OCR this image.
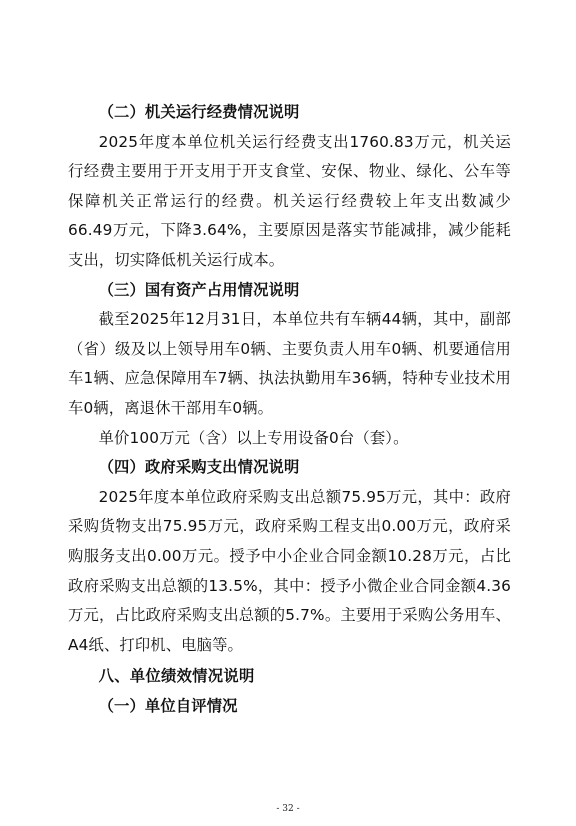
（二）机关运行经费情况说明

2025年度本单位机关运行经费支出1760.83万元，机关运行经费主要用于开支用于开支食堂、安保、物业、绿化、公车等保障机关正常运行的经费。机关运行经费较上年支出数减少66.49万元，下降3.64%，主要原因是落实节能减排，减少能耗支出，切实降低机关运行成本。

（三）国有资产占用情况说明

截至2025年12月31日，本单位共有车辆44辆，其中，副部（省）级及以上领导用车0辆、主要负责人用车0辆、机要通信用车1辆、应急保障用车7辆、执法执勤用车36辆，特种专业技术用车0辆，离退休干部用车0辆。

单价100万元（含）以上专用设备0台（套）。

（四）政府采购支出情况说明

2025年度本单位政府采购支出总额75.95万元，其中：政府采购货物支出75.95万元，政府采购工程支出0.00万元，政府采购服务支出0.00万元。授予中小企业合同金额10.28万元，占比政府采购支出总额的13.5%，其中：授予小微企业合同金额4.36万元，占比政府采购支出总额的5.7%。主要用于采购公务用车、A4纸、打印机、电脑等。

八、单位绩效情况说明

（一）单位自评情况

- 32 -
